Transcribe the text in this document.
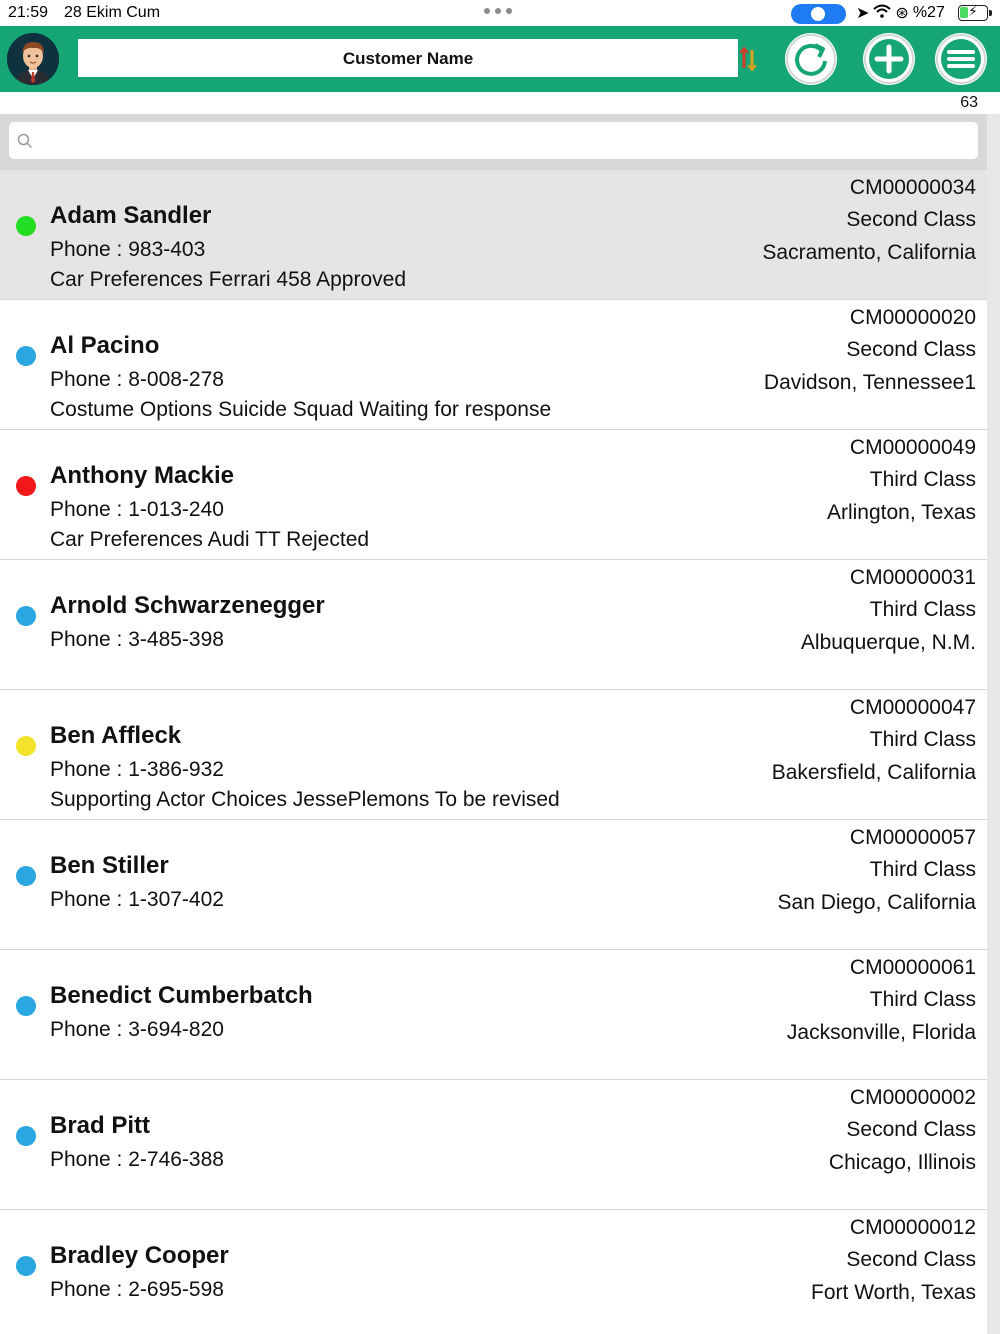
21:59 28 Ekim Cum	➤ ⊛ %27 ⚡
Customer Name
63
Adam Sandler
Phone : 983-403
Car Preferences Ferrari 458 Approved
CM00000034
Second Class
Sacramento, California
Al Pacino
Phone : 8-008-278
Costume Options Suicide Squad Waiting for response
CM00000020
Second Class
Davidson, Tennessee1
Anthony Mackie
Phone : 1-013-240
Car Preferences Audi TT Rejected
CM00000049
Third Class
Arlington, Texas
Arnold Schwarzenegger
Phone : 3-485-398
CM00000031
Third Class
Albuquerque, N.M.
Ben Affleck
Phone : 1-386-932
Supporting Actor Choices JessePlemons To be revised
CM00000047
Third Class
Bakersfield, California
Ben Stiller
Phone : 1-307-402
CM00000057
Third Class
San Diego, California
Benedict Cumberbatch
Phone : 3-694-820
CM00000061
Third Class
Jacksonville, Florida
Brad Pitt
Phone : 2-746-388
CM00000002
Second Class
Chicago, Illinois
Bradley Cooper
Phone : 2-695-598
CM00000012
Second Class
Fort Worth, Texas
